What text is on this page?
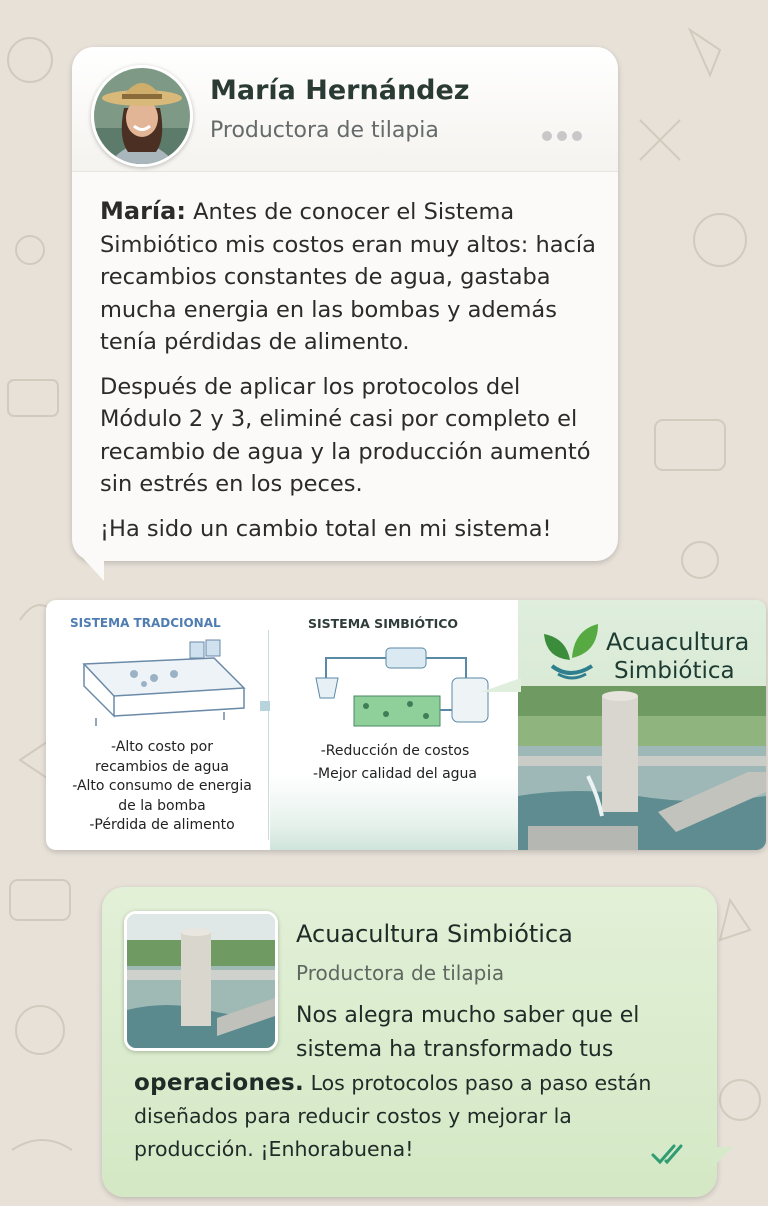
María Hernández
Productora de tilapia

María: Antes de conocer el Sistema Simbiótico mis costos eran muy altos: hacía recambios constantes de agua, gastaba mucha energia en las bombas y además tenía pérdidas de alimento.

Después de aplicar los protocolos del Módulo 2 y 3, eliminé casi por completo el recambio de agua y la producción aumentó sin estrés en los peces.

¡Ha sido un cambio total en mi sistema!

SISTEMA TRADCIONAL
-Alto costo por
recambios de agua
-Alto consumo de energia
de la bomba
-Pérdida de alimento
SISTEMA SIMBIÓTICO
-Reducción de costos
-Mejor calidad del agua
Acuacultura
Simbiótica
Acuacultura Simbiótica
Productora de tilapia
Nos alegra mucho saber que el sistema ha transformado tus
operaciones. Los protocolos paso a paso están diseñados para reducir costos y mejorar la producción. ¡Enhorabuena!
